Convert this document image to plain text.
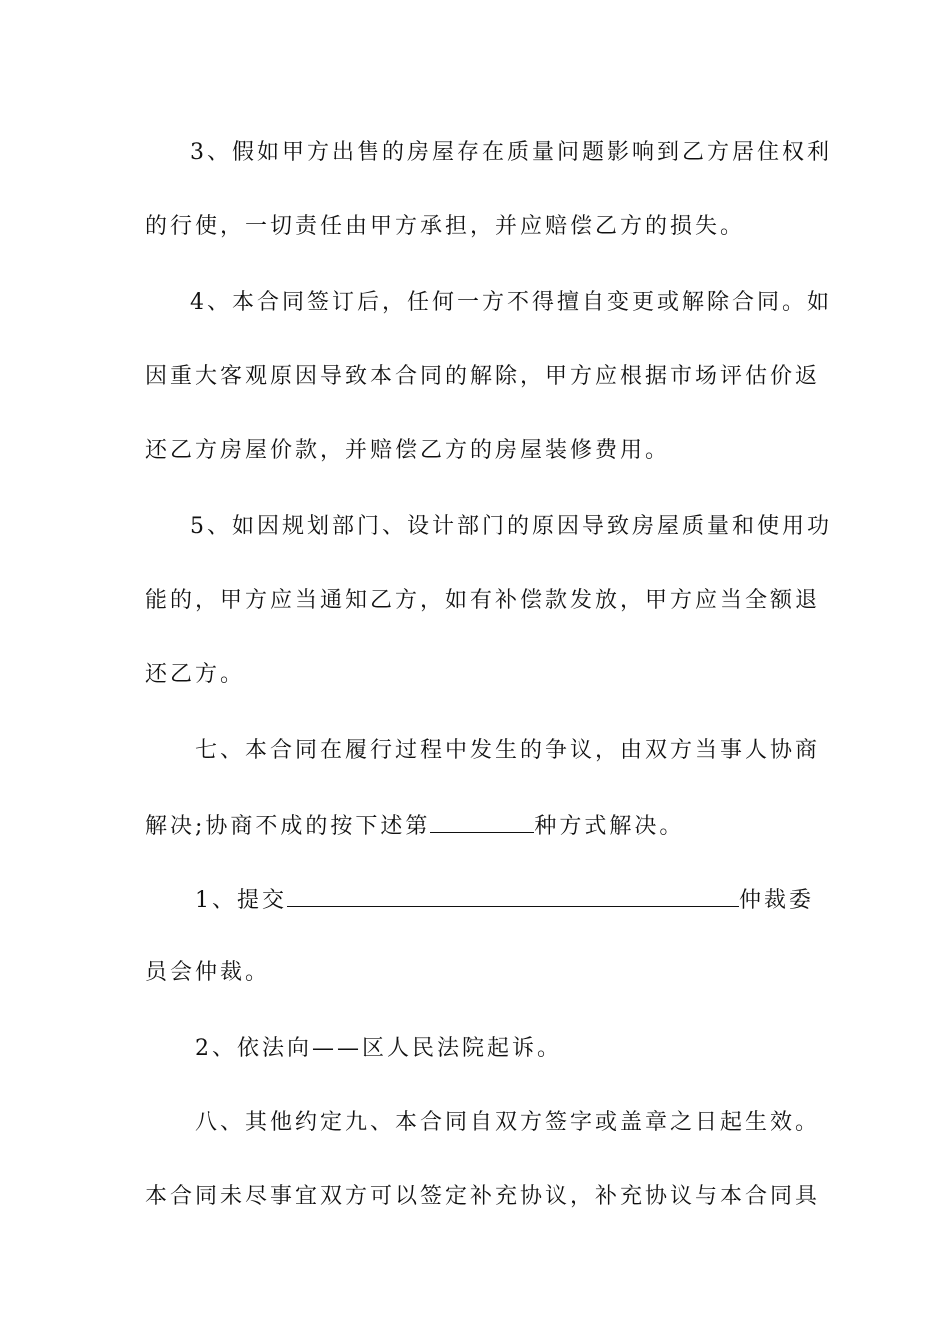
3、假如甲方出售的房屋存在质量问题影响到乙方居住权利
的行使，一切责任由甲方承担，并应赔偿乙方的损失。
4、本合同签订后，任何一方不得擅自变更或解除合同。如
因重大客观原因导致本合同的解除，甲方应根据市场评估价返
还乙方房屋价款，并赔偿乙方的房屋装修费用。
5、如因规划部门、设计部门的原因导致房屋质量和使用功
能的，甲方应当通知乙方，如有补偿款发放，甲方应当全额退
还乙方。
七、本合同在履行过程中发生的争议，由双方当事人协商
解决;协商不成的按下述第	种方式解决。
1、提交	仲裁委
员会仲裁。
2、依法向——区人民法院起诉。
八、其他约定九、本合同自双方签字或盖章之日起生效。
本合同未尽事宜双方可以签定补充协议，补充协议与本合同具
